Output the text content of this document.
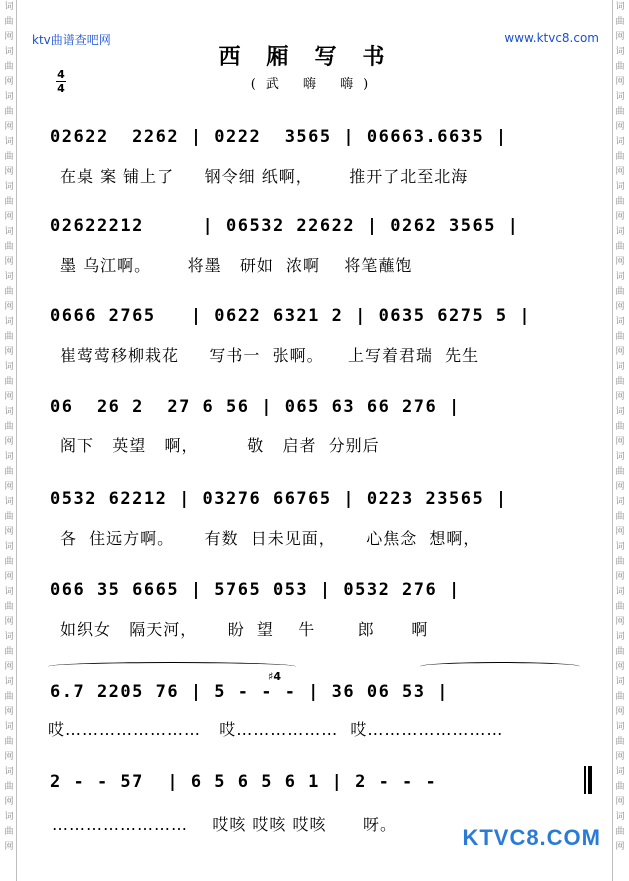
词
曲
网
词
曲
网
词
曲
网
词
曲
网
词
曲
网
词
曲
网
词
曲
网
词
曲
网
词
曲
网
词
曲
网
词
曲
网
词
曲
网
词
曲
网
词
曲
网
词
曲
网
词
曲
网
词
曲
网
词
曲
网
词
曲
网
词
曲
网
词
曲
网
词
曲
网
词
曲
网
词
曲
网
词
曲
网
词
曲
网
词
曲
网
词
曲
网
词
曲
网
词
曲
网
词
曲
网
词
曲
网
词
曲
网
词
曲
网
词
曲
网
词
曲
网
词
曲
网
词
曲
网
ktv曲谱查吧网	www.ktvc8.com
西厢写书
(武 嗨 嗨)
4
4
02622  2262 | 0222  3565 | 06663.6635 |
在桌 案 铺上了     钢令细 纸啊，      推开了北至北海
02622212     | 06532 22622 | 0262 3565 |
墨 乌江啊。      将墨   研如  浓啊    将笔蘸饱
0666 2765   | 0622 6321 2 | 0635 6275 5 |
崔莺莺移柳栽花     写书一  张啊。    上写着君瑞  先生
06  26 2  27 6 56 | 065 63 66 276 |
阁下   英望   啊，        敬   启者  分别后
0532 62212 | 03276 66765 | 0223 23565 |
各  住远方啊。     有数  日未见面，     心焦念  想啊，
066 35 6665 | 5765 053 | 0532 276 |
如织女   隔天河，     盼  望    牛       郎      啊
♯4
6.7 2205 76 | 5 - - - | 36 06 53 |
哎……………………   哎………………  哎……………………
2 - - 57  | 6 5 6 5 6 1 | 2 - - -
……………………    哎咳 哎咳 哎咳      呀。
KTVC8.COM
